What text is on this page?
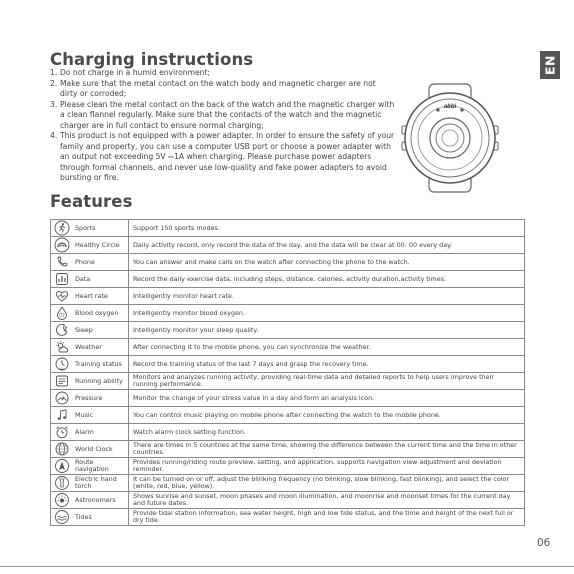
Charging instructions
1. Do not charge in a humid environment;
2. Make sure that the metal contact on the watch body and magnetic charger are not dirty or corroded;
3. Please clean the metal contact on the back of the watch and the magnetic charger with a clean flannel regularly. Make sure that the contacts of the watch and the magnetic charger are in full contact to ensure normal charging;
4. This product is not equipped with a power adapter. In order to ensure the safety of your family and property, you can use a computer USB port or choose a power adapter with an output not exceeding 5V ⎓1A when charging. Please purchase power adapters through formal channels, and never use low-quality and fake power adapters to avoid bursting or fire.
EN
abbi
Features
Sports	Support 150 sports modes.

Healthy Circle	Daily activity record, only record the data of the day, and the data will be clear at 00: 00 every day.

Phone	You can answer and make calls on the watch after connecting the phone to the watch.

Data	Record the daily exercise data, including steps, distance, calories, activity duration,activity times.

Heart rate	Intelligently monitor heart rate.

O2 Blood oxygen	Intelligently monitor blood oxygen.

Sleep	Intelligently monitor your sleep quality.

Weather	After connecting it to the mobile phone, you can synchronize the weather.

Training status	Record the training status of the last 7 days and grasp the recovery time.

Running ability	Monitors and analyzes running activity, providing real-time data and detailed reports to help users improve their running performance.

Pressure	Monitor the change of your stress value in a day and form an analysis icon.

Music	You can control music playing on mobile phone after connecting the watch to the mobile phone.

Alarm	Watch alarm clock setting function.

World Clock	There are times in 5 countries at the same time, showing the difference between the current time and the time in other countries.

Route navigation	Provides running/riding route preview, setting, and application, supports navigation view adjustment and deviation reminder.

Electric hand torch	It can be turned on or off, adjust the blinking frequency (no blinking, slow blinking, fast blinking), and select the color (white, red, blue, yellow).

Astronomers	Shows sunrise and sunset, moon phases and moon illumination, and moonrise and moonset times for the current day and future dates.

Tides	Provide tidal station information, sea water height, high and low tide status, and the time and height of the next full or dry tide.
06
